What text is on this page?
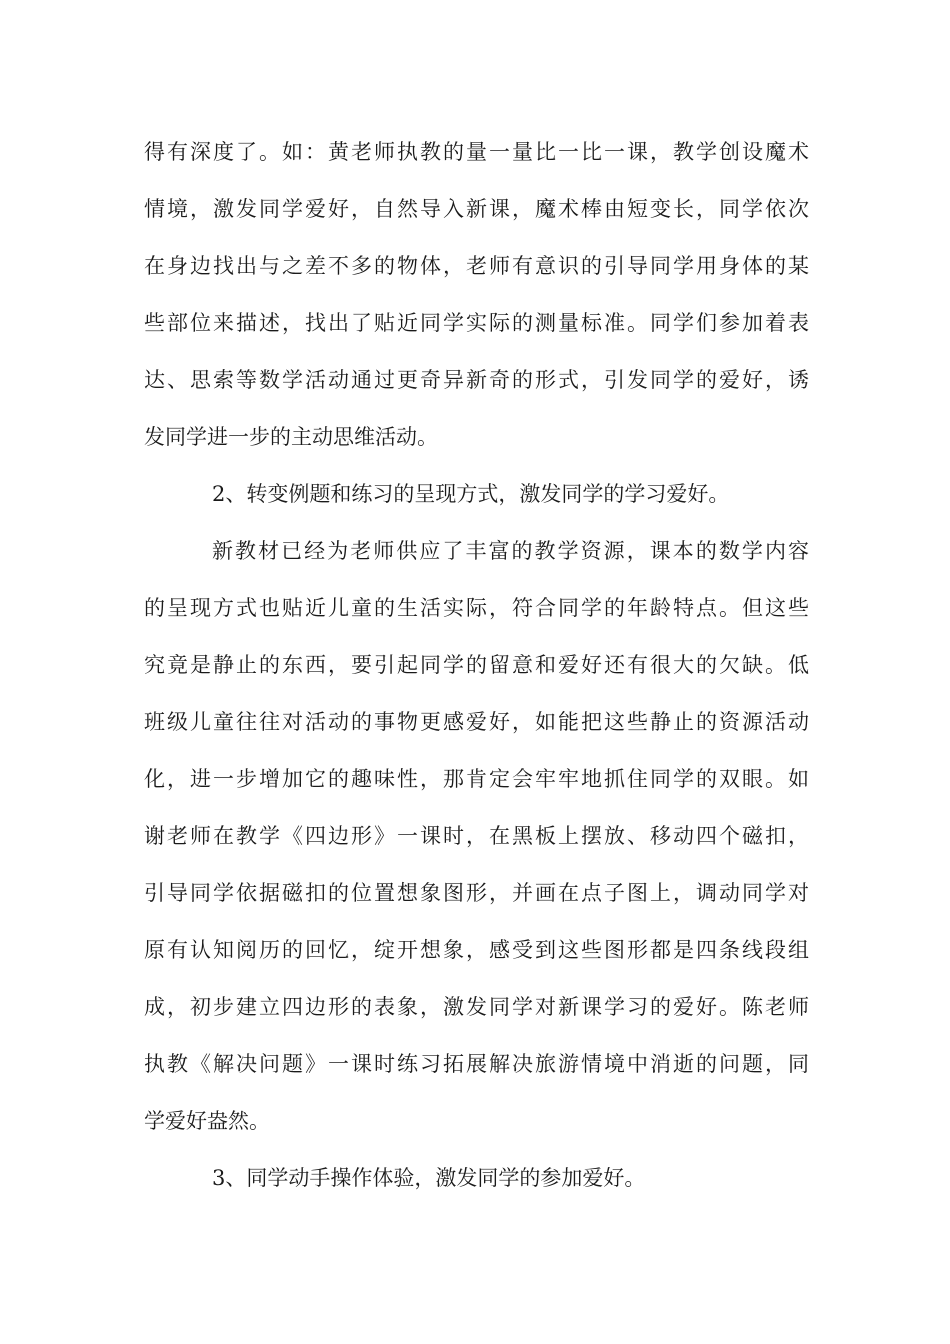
得有深度了。如：黄老师执教的量一量比一比一课，教学创设魔术
情境，激发同学爱好，自然导入新课，魔术棒由短变长，同学依次
在身边找出与之差不多的物体，老师有意识的引导同学用身体的某
些部位来描述，找出了贴近同学实际的测量标准。同学们参加着表
达、思索等数学活动通过更奇异新奇的形式，引发同学的爱好，诱
发同学进一步的主动思维活动。
2、转变例题和练习的呈现方式，激发同学的学习爱好。
新教材已经为老师供应了丰富的教学资源，课本的数学内容
的呈现方式也贴近儿童的生活实际，符合同学的年龄特点。但这些
究竟是静止的东西，要引起同学的留意和爱好还有很大的欠缺。低
班级儿童往往对活动的事物更感爱好，如能把这些静止的资源活动
化，进一步增加它的趣味性，那肯定会牢牢地抓住同学的双眼。如
谢老师在教学《四边形》一课时，在黑板上摆放、移动四个磁扣，
引导同学依据磁扣的位置想象图形，并画在点子图上，调动同学对
原有认知阅历的回忆，绽开想象，感受到这些图形都是四条线段组
成，初步建立四边形的表象，激发同学对新课学习的爱好。陈老师
执教《解决问题》一课时练习拓展解决旅游情境中消逝的问题，同
学爱好盎然。
3、同学动手操作体验，激发同学的参加爱好。
